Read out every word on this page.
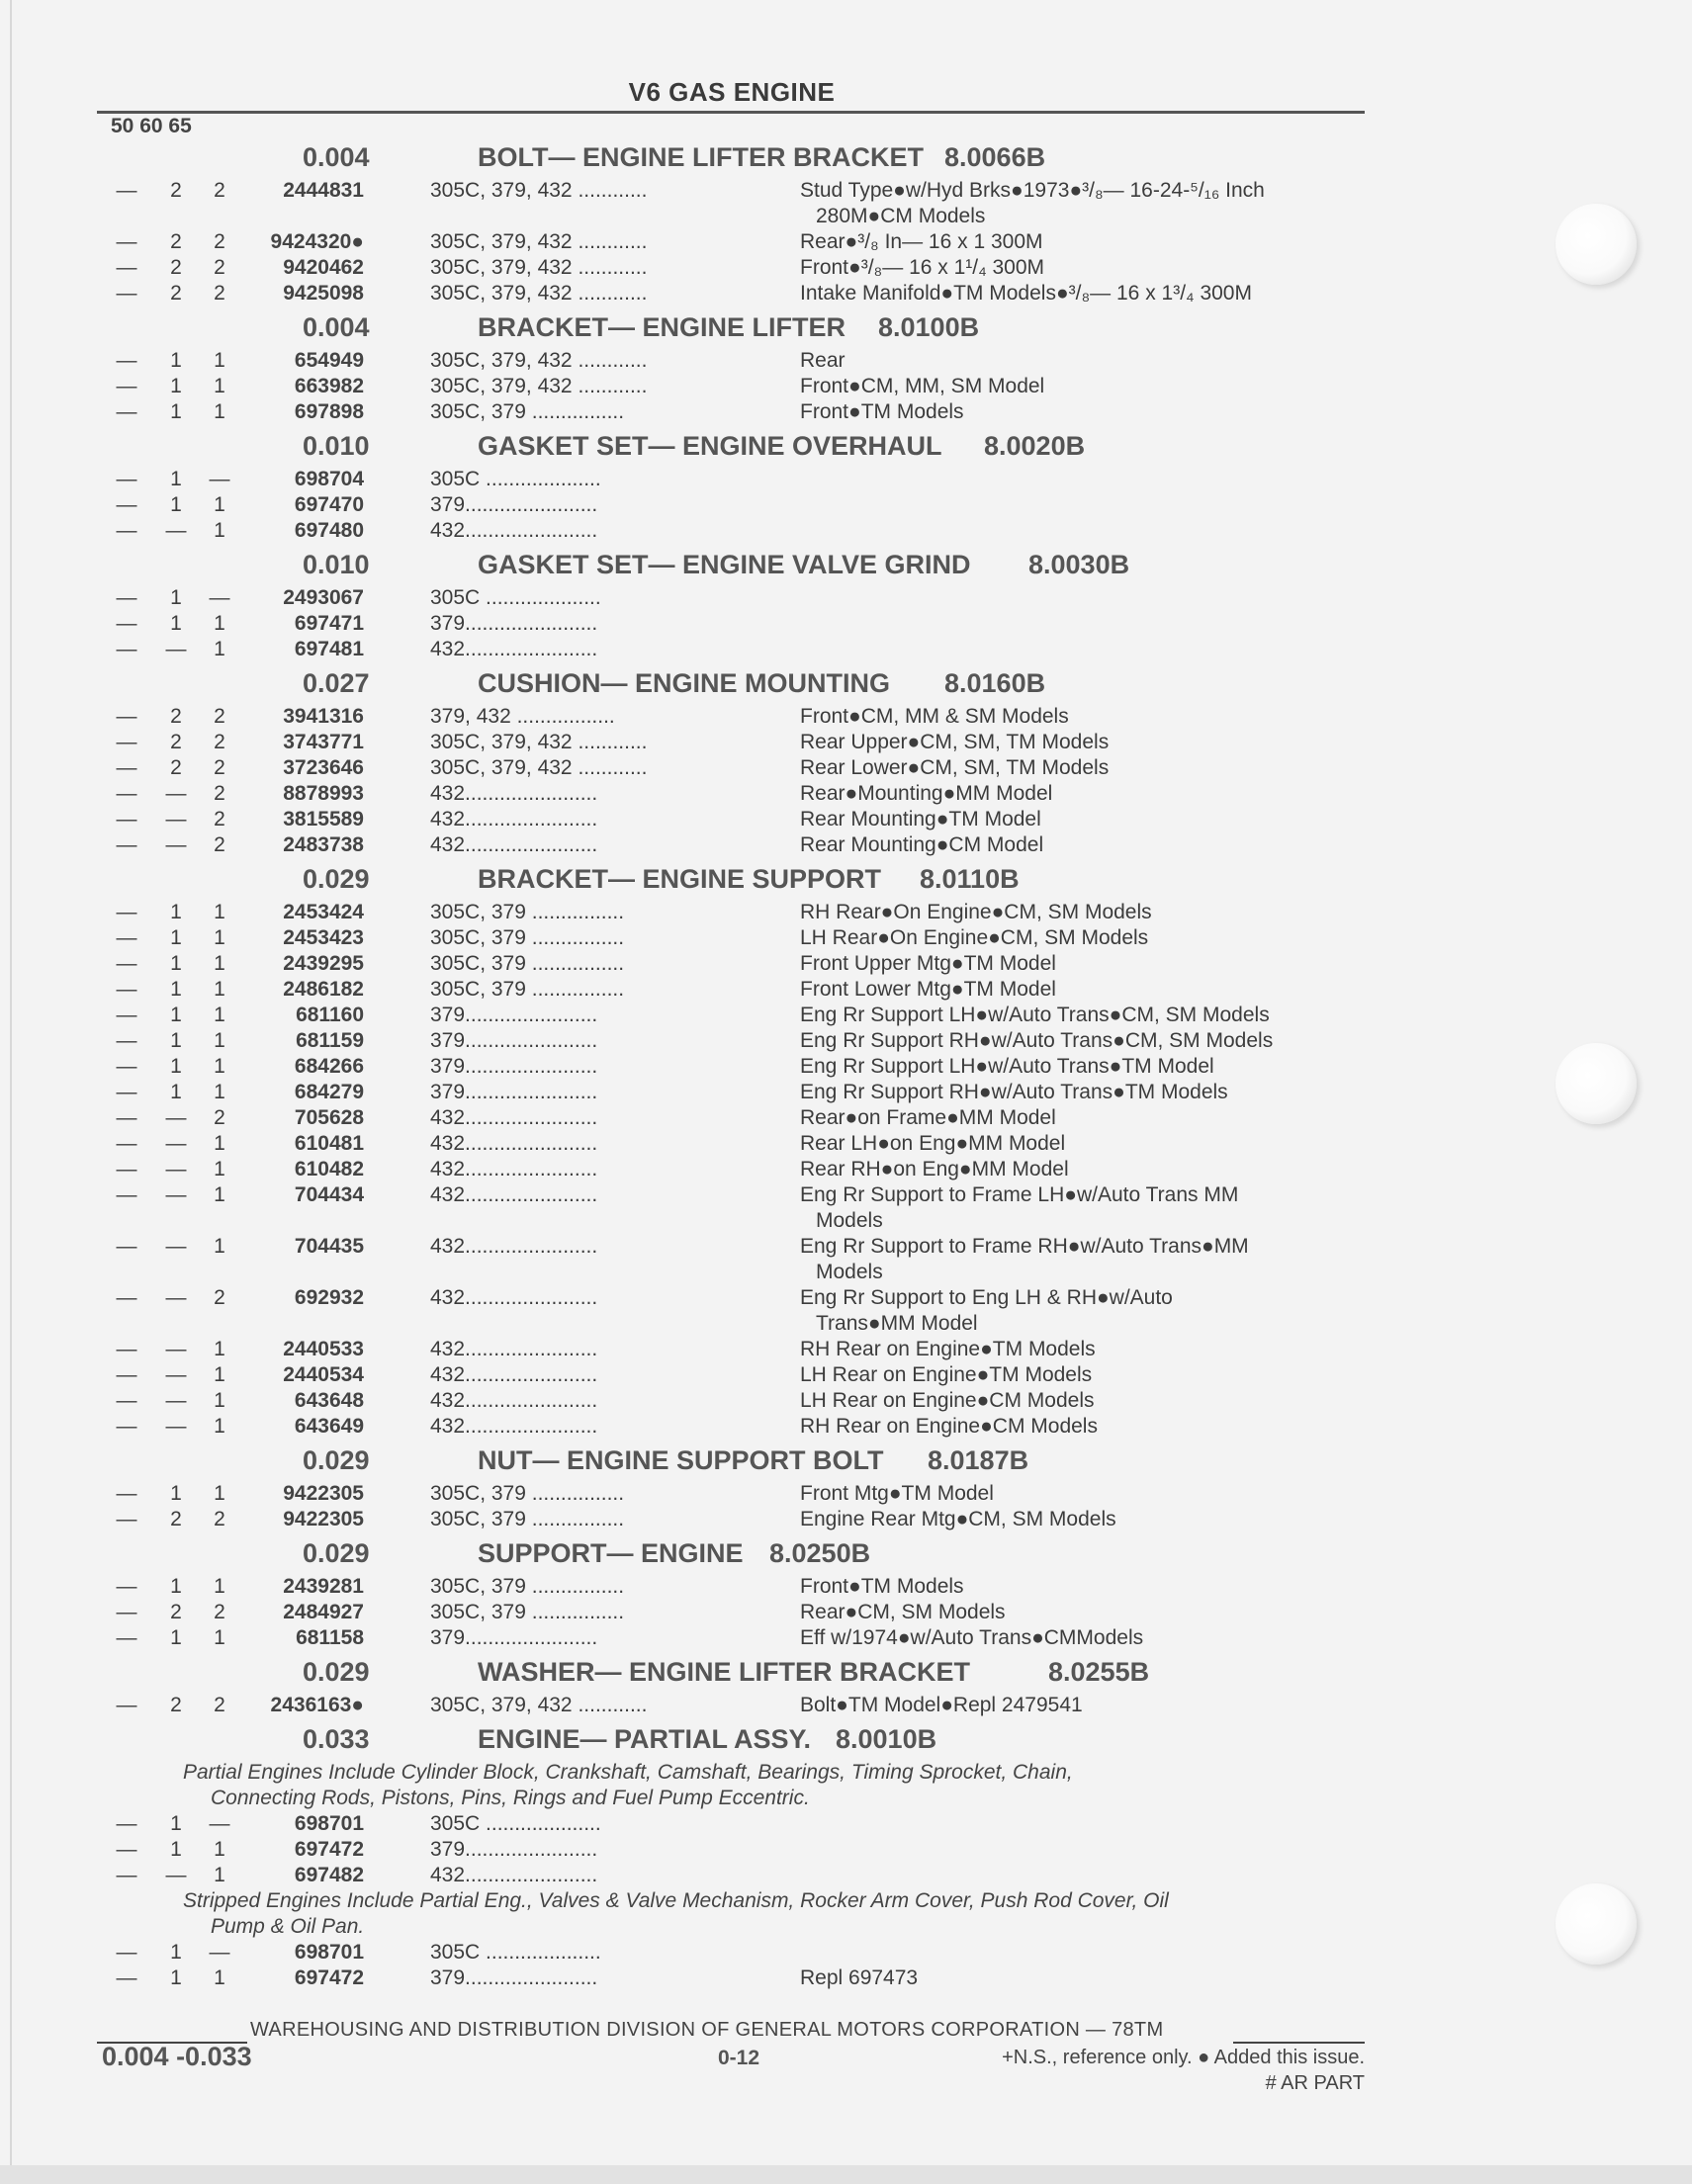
V6 GAS ENGINE
50 60 65
0.004	BOLT— ENGINE LIFTER BRACKET 8.0066B
— 2 2	2444831	305C, 379, 432 ............	Stud Type●w/Hyd Brks●1973●³/₈— 16-24-⁵/₁₆ Inch
280M●CM Models
— 2 2	9424320●	305C, 379, 432 ............	Rear●³/₈ In— 16 x 1 300M
— 2 2	9420462	305C, 379, 432 ............	Front●³/₈— 16 x 1¹/₄ 300M
— 2 2	9425098	305C, 379, 432 ............	Intake Manifold●TM Models●³/₈— 16 x 1³/₄ 300M
0.004	BRACKET— ENGINE LIFTER 8.0100B
— 1 1	654949	305C, 379, 432 ............	Rear
— 1 1	663982	305C, 379, 432 ............	Front●CM, MM, SM Model
— 1 1	697898	305C, 379 ................	Front●TM Models
0.010	GASKET SET— ENGINE OVERHAUL 8.0020B
— 1 —	698704	305C ....................
— 1 1	697470	379.......................
— — 1	697480	432.......................
0.010	GASKET SET— ENGINE VALVE GRIND 8.0030B
— 1 —	2493067	305C ....................
— 1 1	697471	379.......................
— — 1	697481	432.......................
0.027	CUSHION— ENGINE MOUNTING 8.0160B
— 2 2	3941316	379, 432 .................	Front●CM, MM & SM Models
— 2 2	3743771	305C, 379, 432 ............	Rear Upper●CM, SM, TM Models
— 2 2	3723646	305C, 379, 432 ............	Rear Lower●CM, SM, TM Models
— — 2	8878993	432.......................	Rear●Mounting●MM Model
— — 2	3815589	432.......................	Rear Mounting●TM Model
— — 2	2483738	432.......................	Rear Mounting●CM Model
0.029	BRACKET— ENGINE SUPPORT 8.0110B
— 1 1	2453424	305C, 379 ................	RH Rear●On Engine●CM, SM Models
— 1 1	2453423	305C, 379 ................	LH Rear●On Engine●CM, SM Models
— 1 1	2439295	305C, 379 ................	Front Upper Mtg●TM Model
— 1 1	2486182	305C, 379 ................	Front Lower Mtg●TM Model
— 1 1	681160	379.......................	Eng Rr Support LH●w/Auto Trans●CM, SM Models
— 1 1	681159	379.......................	Eng Rr Support RH●w/Auto Trans●CM, SM Models
— 1 1	684266	379.......................	Eng Rr Support LH●w/Auto Trans●TM Model
— 1 1	684279	379.......................	Eng Rr Support RH●w/Auto Trans●TM Models
— — 2	705628	432.......................	Rear●on Frame●MM Model
— — 1	610481	432.......................	Rear LH●on Eng●MM Model
— — 1	610482	432.......................	Rear RH●on Eng●MM Model
— — 1	704434	432.......................	Eng Rr Support to Frame LH●w/Auto Trans MM
Models
— — 1	704435	432.......................	Eng Rr Support to Frame RH●w/Auto Trans●MM
Models
— — 2	692932	432.......................	Eng Rr Support to Eng LH & RH●w/Auto
Trans●MM Model
— — 1	2440533	432.......................	RH Rear on Engine●TM Models
— — 1	2440534	432.......................	LH Rear on Engine●TM Models
— — 1	643648	432.......................	LH Rear on Engine●CM Models
— — 1	643649	432.......................	RH Rear on Engine●CM Models
0.029	NUT— ENGINE SUPPORT BOLT 8.0187B
— 1 1	9422305	305C, 379 ................	Front Mtg●TM Model
— 2 2	9422305	305C, 379 ................	Engine Rear Mtg●CM, SM Models
0.029	SUPPORT— ENGINE 8.0250B
— 1 1	2439281	305C, 379 ................	Front●TM Models
— 2 2	2484927	305C, 379 ................	Rear●CM, SM Models
— 1 1	681158	379.......................	Eff w/1974●w/Auto Trans●CMModels
0.029	WASHER— ENGINE LIFTER BRACKET	8.0255B
— 2 2	2436163●	305C, 379, 432 ............	Bolt●TM Model●Repl 2479541
0.033	ENGINE— PARTIAL ASSY. 8.0010B
Partial Engines Include Cylinder Block, Crankshaft, Camshaft, Bearings, Timing Sprocket, Chain,
Connecting Rods, Pistons, Pins, Rings and Fuel Pump Eccentric.
— 1 —	698701	305C ....................
— 1 1	697472	379.......................
— — 1	697482	432.......................
Stripped Engines Include Partial Eng., Valves & Valve Mechanism, Rocker Arm Cover, Push Rod Cover, Oil
Pump & Oil Pan.
— 1 —	698701	305C ....................
— 1 1	697472	379.......................	Repl 697473
WAREHOUSING AND DISTRIBUTION DIVISION OF GENERAL MOTORS CORPORATION — 78TM
0.004 -0.033	0-12	+N.S., reference only. ● Added this issue.
# AR PART
